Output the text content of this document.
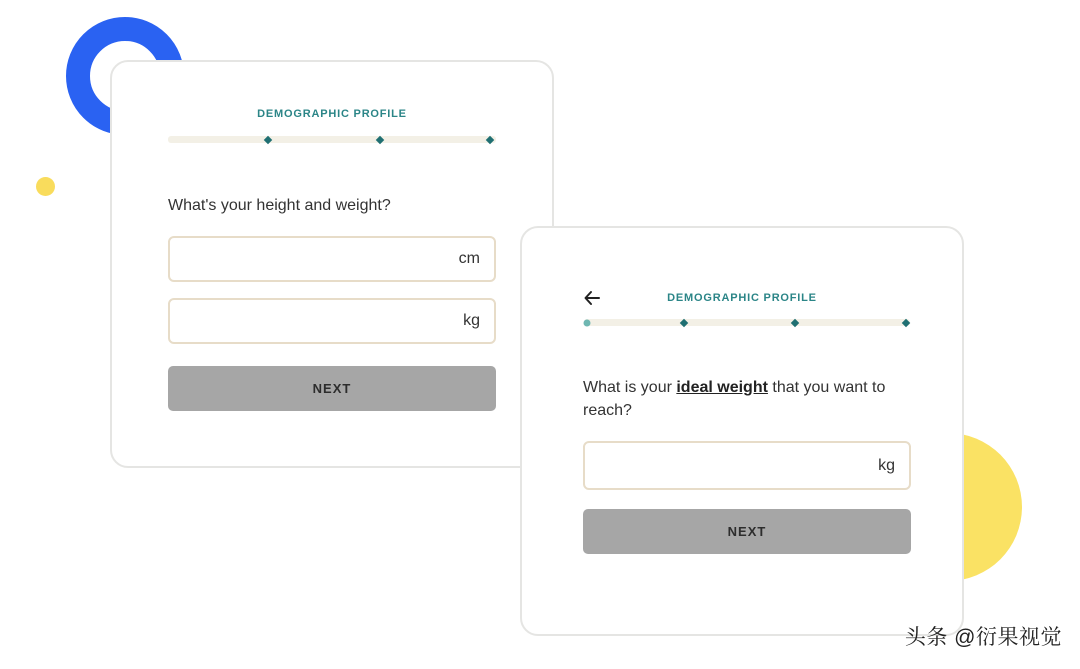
DEMOGRAPHIC PROFILE
What's your height and weight?
cm
kg
NEXT
DEMOGRAPHIC PROFILE
What is your ideal weight that you want to reach?
kg
NEXT
头条 @衍果视觉
